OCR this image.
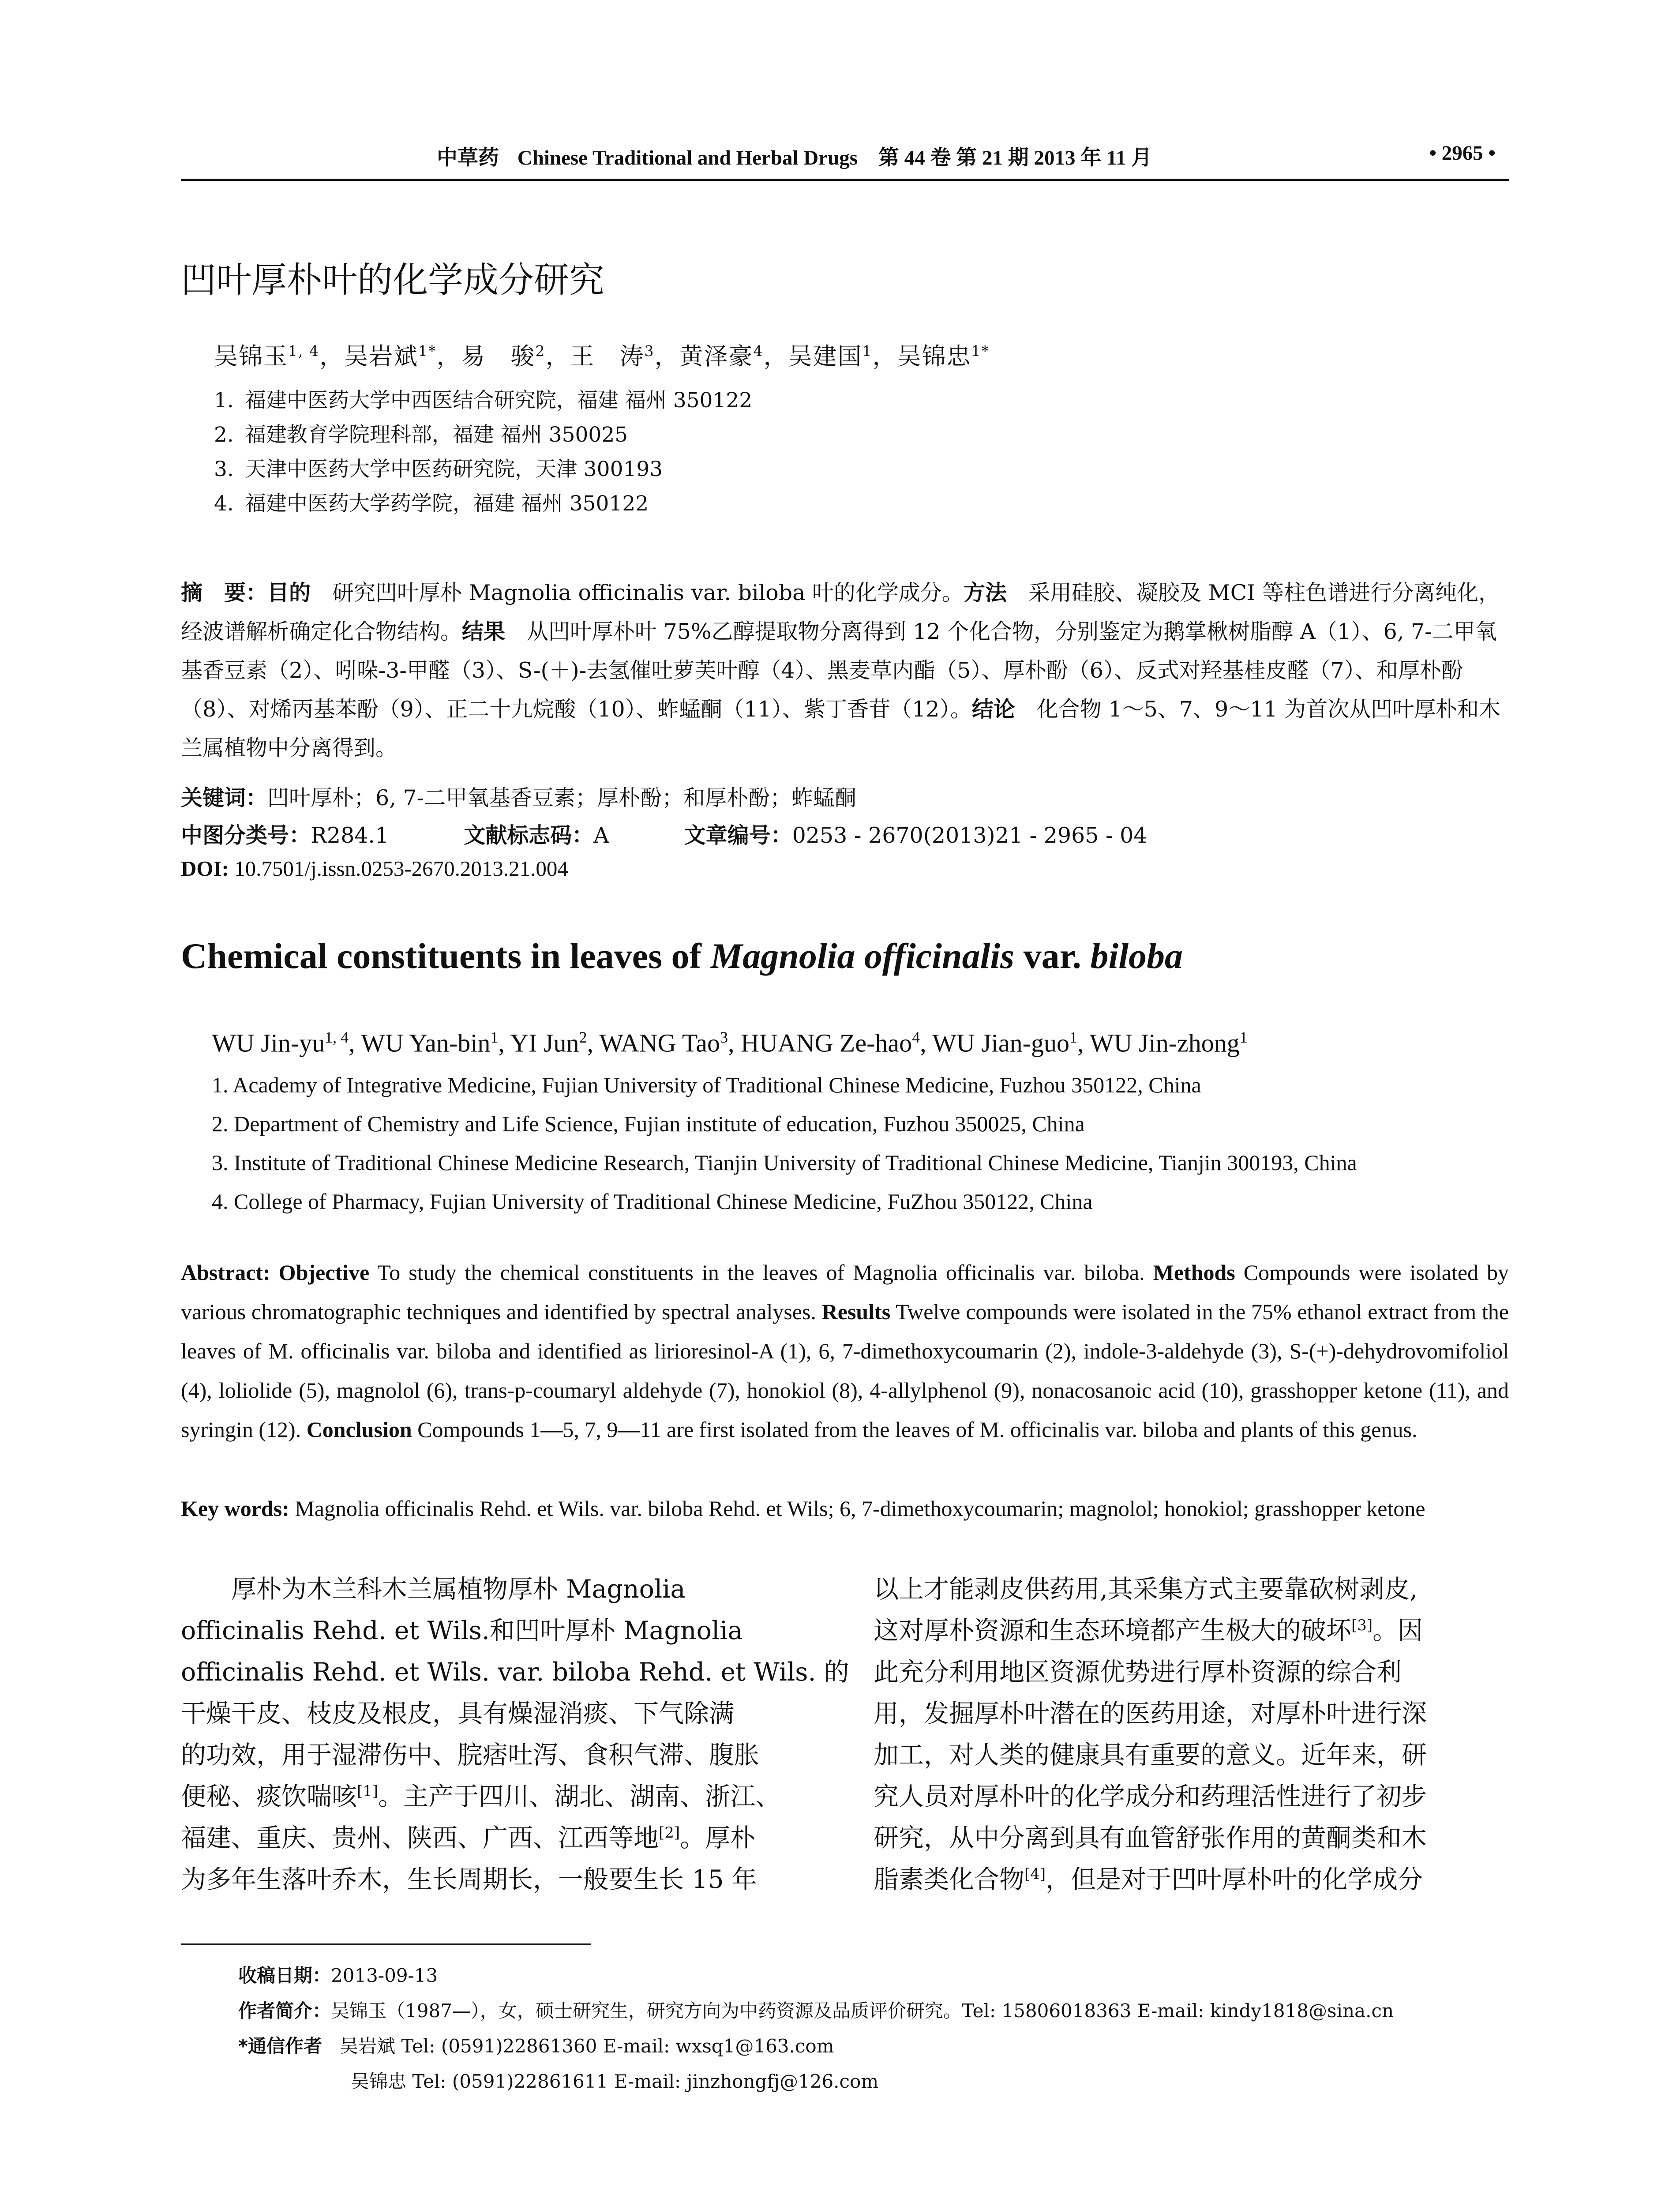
中草药 Chinese Traditional and Herbal Drugs 第 44 卷 第 21 期 2013 年 11 月	• 2965 •
凹叶厚朴叶的化学成分研究
吴锦玉$^{1, 4}$，吴岩斌$^{1*}$，易　骏$^2$，王　涛$^3$，黄泽豪$^4$，吴建国$^1$，吴锦忠$^{1*}$
1. 福建中医药大学中西医结合研究院，福建 福州 350122
2. 福建教育学院理科部，福建 福州 350025
3. 天津中医药大学中医药研究院，天津 300193
4. 福建中医药大学药学院，福建 福州 350122
摘　要：目的　研究凹叶厚朴 Magnolia officinalis var. biloba 叶的化学成分。方法　采用硅胶、凝胶及 MCI 等柱色谱进行分离纯化，经波谱解析确定化合物结构。结果　从凹叶厚朴叶 75%乙醇提取物分离得到 12 个化合物，分别鉴定为鹅掌楸树脂醇 A（1）、6, 7-二甲氧基香豆素（2）、吲哚-3-甲醛（3）、S-(＋)-去氢催吐萝芙叶醇（4）、黑麦草内酯（5）、厚朴酚（6）、反式对羟基桂皮醛（7）、和厚朴酚（8）、对烯丙基苯酚（9）、正二十九烷酸（10）、蚱蜢酮（11）、紫丁香苷（12）。结论　化合物 1～5、7、9～11 为首次从凹叶厚朴和木兰属植物中分离得到。
关键词：凹叶厚朴；6, 7-二甲氧基香豆素；厚朴酚；和厚朴酚；蚱蜢酮
中图分类号：R284.1	文献标志码：A	文章编号：0253 - 2670(2013)21 - 2965 - 04
DOI: 10.7501/j.issn.0253-2670.2013.21.004
Chemical constituents in leaves of Magnolia officinalis var. biloba
WU Jin-yu$^{1, 4}$, WU Yan-bin$^1$, YI Jun$^2$, WANG Tao$^3$, HUANG Ze-hao$^4$, WU Jian-guo$^1$, WU Jin-zhong$^1$
1. Academy of Integrative Medicine, Fujian University of Traditional Chinese Medicine, Fuzhou 350122, China
2. Department of Chemistry and Life Science, Fujian institute of education, Fuzhou 350025, China
3. Institute of Traditional Chinese Medicine Research, Tianjin University of Traditional Chinese Medicine, Tianjin 300193, China
4. College of Pharmacy, Fujian University of Traditional Chinese Medicine, FuZhou 350122, China
Abstract: Objective To study the chemical constituents in the leaves of Magnolia officinalis var. biloba. Methods Compounds were isolated by various chromatographic techniques and identified by spectral analyses. Results Twelve compounds were isolated in the 75% ethanol extract from the leaves of M. officinalis var. biloba and identified as lirioresinol-A (1), 6, 7-dimethoxycoumarin (2), indole-3-aldehyde (3), S-(+)-dehydrovomifoliol (4), loliolide (5), magnolol (6), trans-p-coumaryl aldehyde (7), honokiol (8), 4-allylphenol (9), nonacosanoic acid (10), grasshopper ketone (11), and syringin (12). Conclusion Compounds 1—5, 7, 9—11 are first isolated from the leaves of M. officinalis var. biloba and plants of this genus.
Key words: Magnolia officinalis Rehd. et Wils. var. biloba Rehd. et Wils; 6, 7-dimethoxycoumarin; magnolol; honokiol; grasshopper ketone
厚朴为木兰科木兰属植物厚朴 Magnolia
officinalis Rehd. et Wils.和凹叶厚朴 Magnolia
officinalis Rehd. et Wils. var. biloba Rehd. et Wils. 的
干燥干皮、枝皮及根皮，具有燥湿消痰、下气除满
的功效，用于湿滞伤中、脘痞吐泻、食积气滞、腹胀
便秘、痰饮喘咳[1]。主产于四川、湖北、湖南、浙江、
福建、重庆、贵州、陕西、广西、江西等地[2]。厚朴
为多年生落叶乔木，生长周期长，一般要生长 15 年
以上才能剥皮供药用,其采集方式主要靠砍树剥皮,
这对厚朴资源和生态环境都产生极大的破坏[3]。因
此充分利用地区资源优势进行厚朴资源的综合利
用，发掘厚朴叶潜在的医药用途，对厚朴叶进行深
加工，对人类的健康具有重要的意义。近年来，研
究人员对厚朴叶的化学成分和药理活性进行了初步
研究，从中分离到具有血管舒张作用的黄酮类和木
脂素类化合物[4]，但是对于凹叶厚朴叶的化学成分
收稿日期：2013-09-13
作者简介：吴锦玉（1987—），女，硕士研究生，研究方向为中药资源及品质评价研究。Tel: 15806018363 E-mail: kindy1818@sina.cn
*通信作者 吴岩斌 Tel: (0591)22861360 E-mail: wxsq1@163.com
吴锦忠 Tel: (0591)22861611 E-mail: jinzhongfj@126.com
